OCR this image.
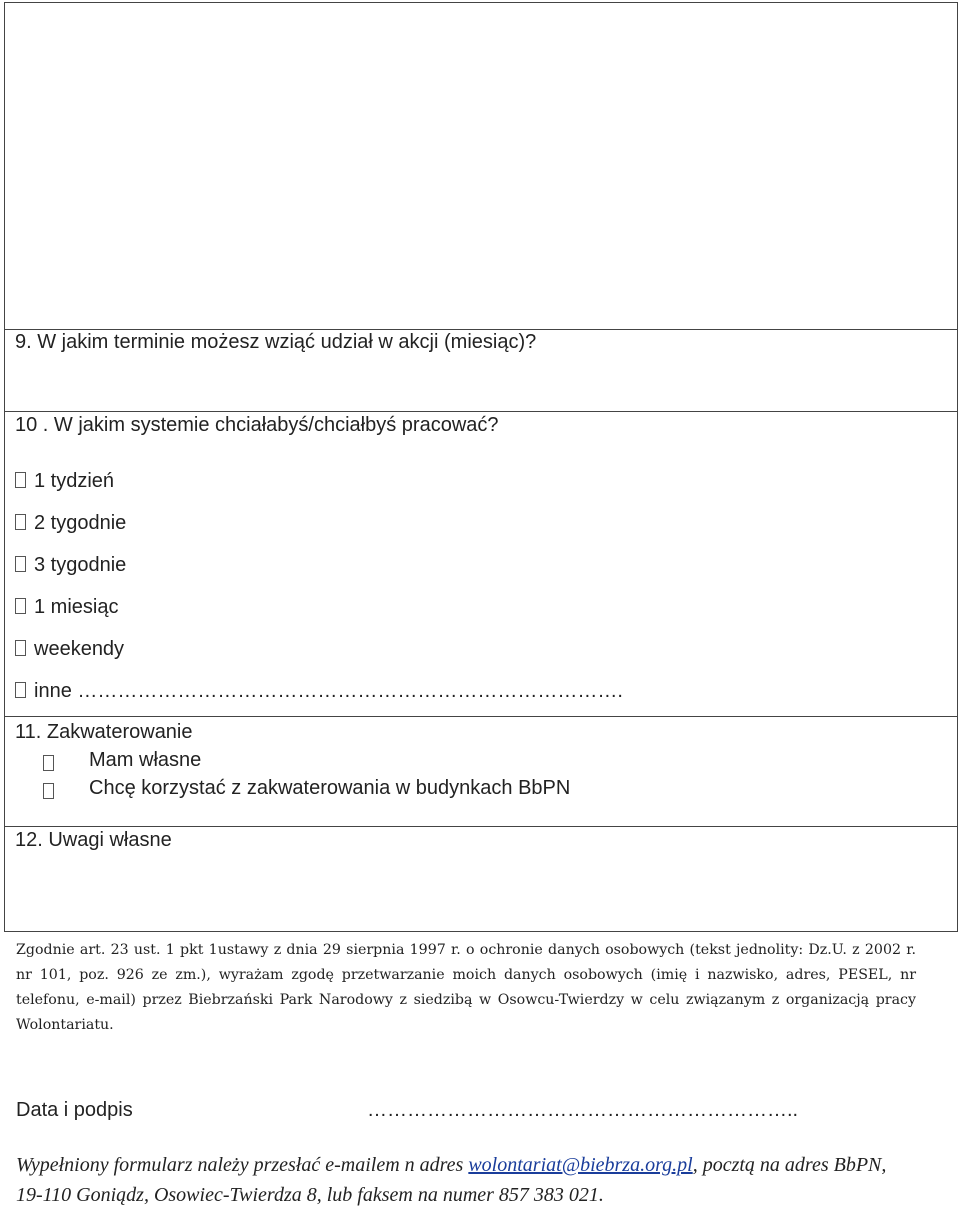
9. W jakim terminie możesz wziąć udział w akcji (miesiąc)?
10 . W jakim systemie chciałabyś/chciałbyś pracować?
1 tydzień
2 tygodnie
3 tygodnie
1 miesiąc
weekendy
inne ……………………………………………………………………….
11. Zakwaterowanie
Mam własne
Chcę korzystać z zakwaterowania w budynkach BbPN
12. Uwagi własne
Zgodnie art. 23 ust. 1 pkt 1ustawy z dnia 29 sierpnia 1997 r. o ochronie danych osobowych (tekst jednolity: Dz.U. z 2002 r. nr 101, poz. 926 ze zm.), wyrażam zgodę przetwarzanie moich danych osobowych (imię i nazwisko, adres, PESEL, nr telefonu, e-mail) przez Biebrzański Park Narodowy z siedzibą w Osowcu-Twierdzy w celu związanym z organizacją pracy Wolontariatu.
Data i podpis	………………………………………………………..
Wypełniony formularz należy przesłać e-mailem n adres wolontariat@biebrza.org.pl, pocztą na adres BbPN, 19-110 Goniądz, Osowiec-Twierdza 8, lub faksem na numer 857 383 021.
